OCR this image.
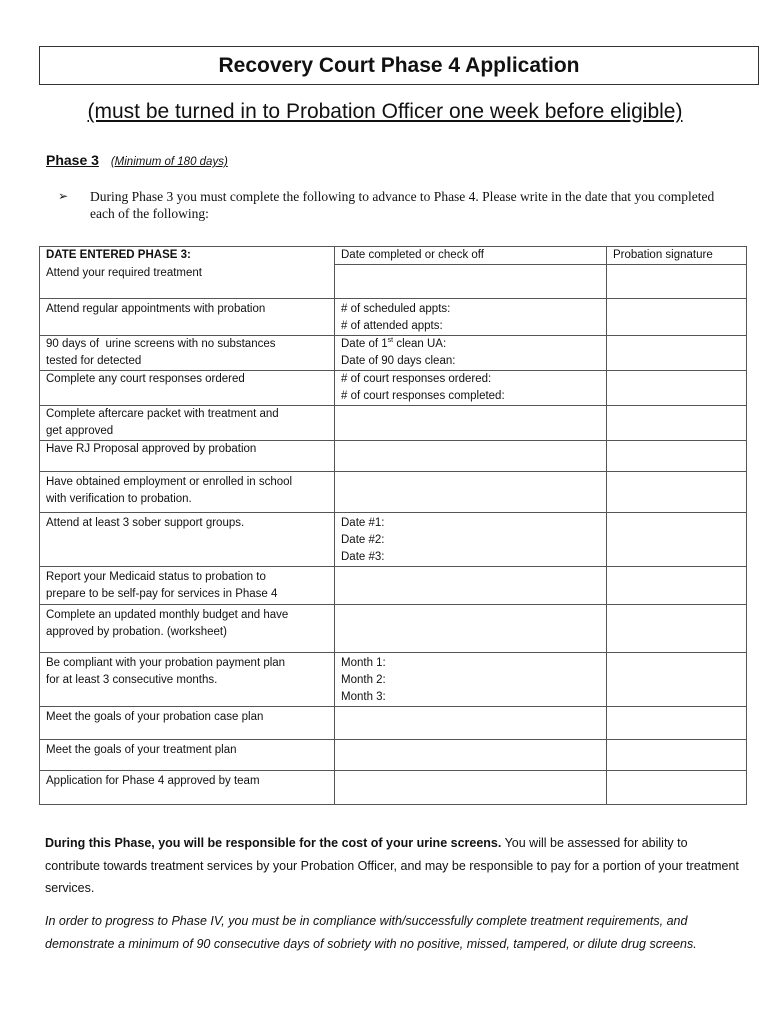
Recovery Court Phase 4 Application
(must be turned in to Probation Officer one week before eligible)
Phase 3 (Minimum of 180 days)
➢	During Phase 3 you must complete the following to advance to Phase 4. Please write in the date that you completed each of the following:
DATE ENTERED PHASE 3:	Date completed or check off	Probation signature

Attend your required treatment		

Attend regular appointments with probation	# of scheduled appts:
# of attended appts:	

90 days of  urine screens with no substances
tested for detected	Date of 1st clean UA:
Date of 90 days clean:	

Complete any court responses ordered	# of court responses ordered:
# of court responses completed:	

Complete aftercare packet with treatment and
get approved		

Have RJ Proposal approved by probation		

Have obtained employment or enrolled in school
with verification to probation.		

Attend at least 3 sober support groups.	Date #1:
Date #2:
Date #3:	

Report your Medicaid status to probation to
prepare to be self-pay for services in Phase 4		

Complete an updated monthly budget and have
approved by probation. (worksheet)		

Be compliant with your probation payment plan
for at least 3 consecutive months.	Month 1:
Month 2:
Month 3:	

Meet the goals of your probation case plan		

Meet the goals of your treatment plan		

Application for Phase 4 approved by team		

During this Phase, you will be responsible for the cost of your urine screens. You will be assessed for ability to contribute towards treatment services by your Probation Officer, and may be responsible to pay for a portion of your treatment services.
In order to progress to Phase IV, you must be in compliance with/successfully complete treatment requirements, and demonstrate a minimum of 90 consecutive days of sobriety with no positive, missed, tampered, or dilute drug screens.
